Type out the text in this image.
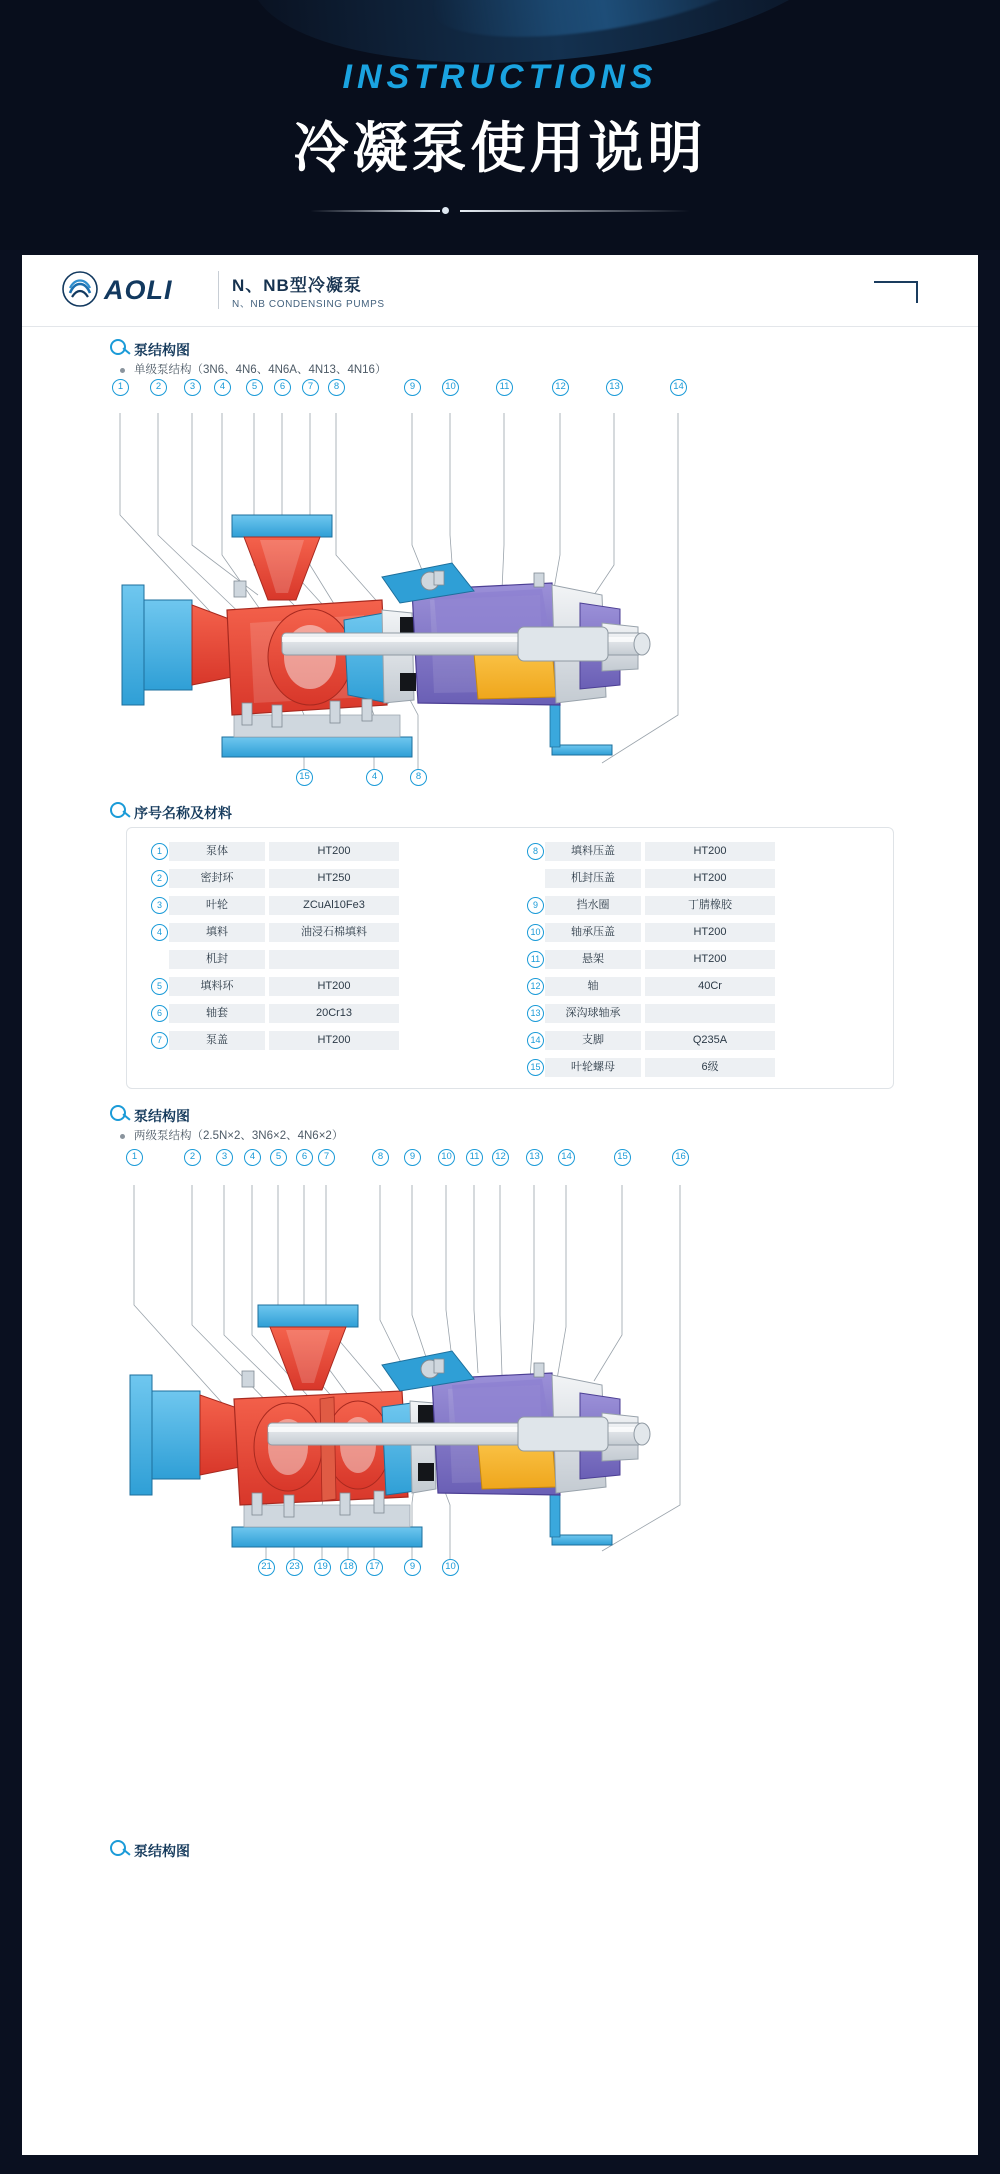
INSTRUCTIONS
冷凝泵使用说明
AOLI	N、NB型冷凝泵
N、NB CONDENSING PUMPS
泵结构图
单级泵结构（3N6、4N6、4N6A、4N13、4N16）
1	2	3	4	5	6	7	8	9	10	11	12	13	14
15	4	8
序号名称及材料
1	泵体	HT200
2	密封环	HT250
3	叶轮	ZCuAl10Fe3
4	填料	油浸石棉填料
机封
5	填料环	HT200
6	轴套	20Cr13
7	泵盖	HT200
8	填料压盖	HT200
机封压盖	HT200
9	挡水圈	丁腈橡胶
10	轴承压盖	HT200
11	悬架	HT200
12	轴	40Cr
13	深沟球轴承
14	支脚	Q235A
15	叶轮螺母	6级
泵结构图
两级泵结构（2.5N×2、3N6×2、4N6×2）
1	2	3	4	5	6	7	8	9	10	11	12	13	14	15	16
21	23	19	18	17	9	10
泵结构图
